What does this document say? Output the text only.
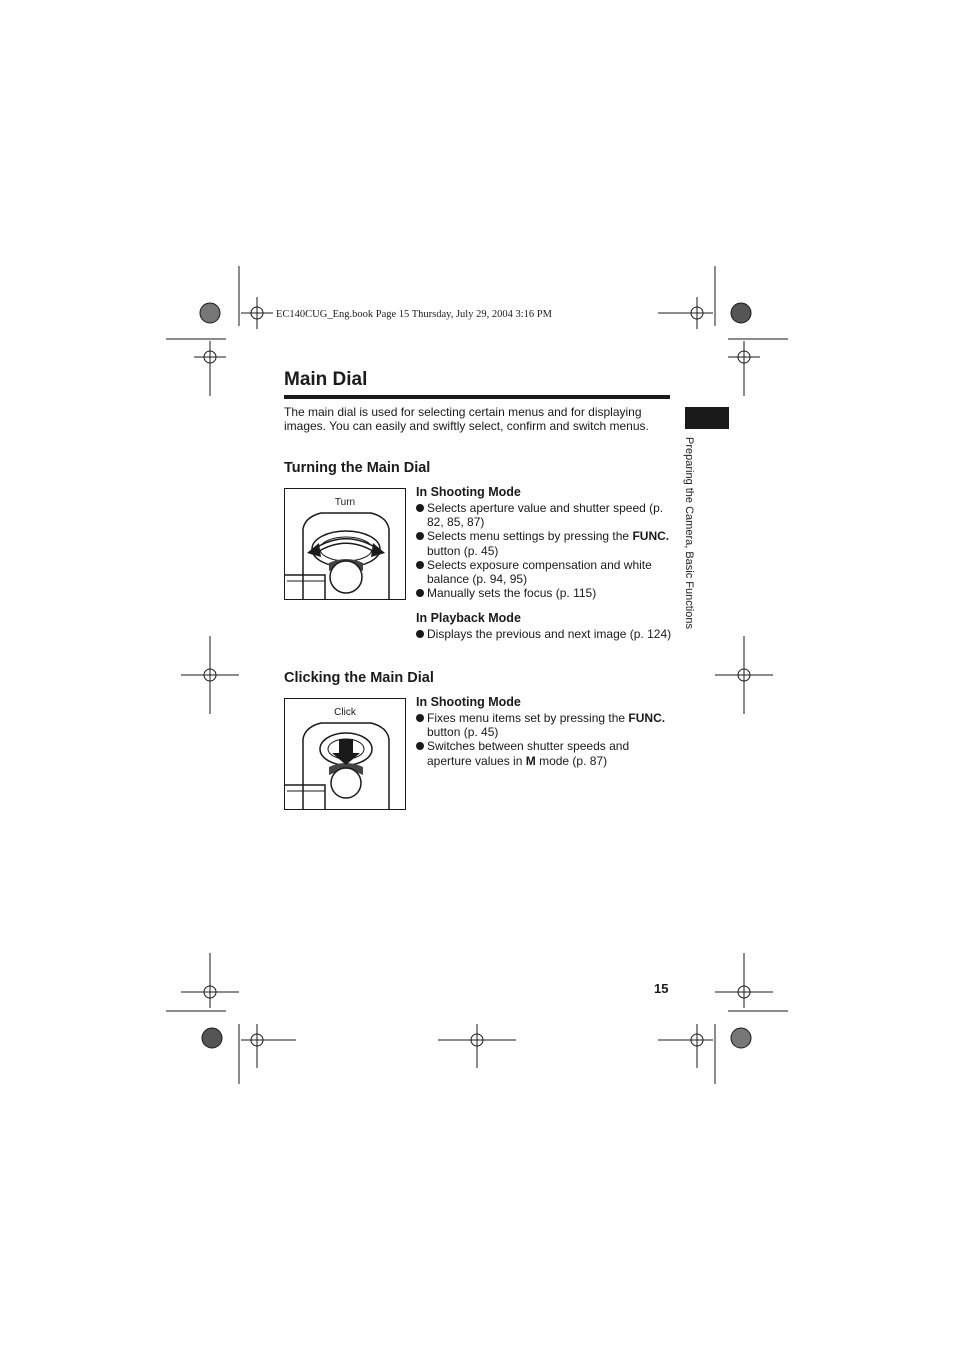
EC140CUG_Eng.book Page 15 Thursday, July 29, 2004 3:16 PM
Main Dial

The main dial is used for selecting certain menus and for displaying images. You can easily and swiftly select, confirm and switch menus.

Turning the Main Dial
Turn
In Shooting Mode
Selects aperture value and shutter speed (p. 82, 85, 87)
Selects menu settings by pressing the FUNC. button (p. 45)
Selects exposure compensation and white balance (p. 94, 95)
Manually sets the focus (p. 115)
In Playback Mode
Displays the previous and next image (p. 124)
Clicking the Main Dial
Click
In Shooting Mode
Fixes menu items set by pressing the FUNC. button (p. 45)
Switches between shutter speeds and aperture values in M mode (p. 87)
Preparing the Camera, Basic Functions
15
